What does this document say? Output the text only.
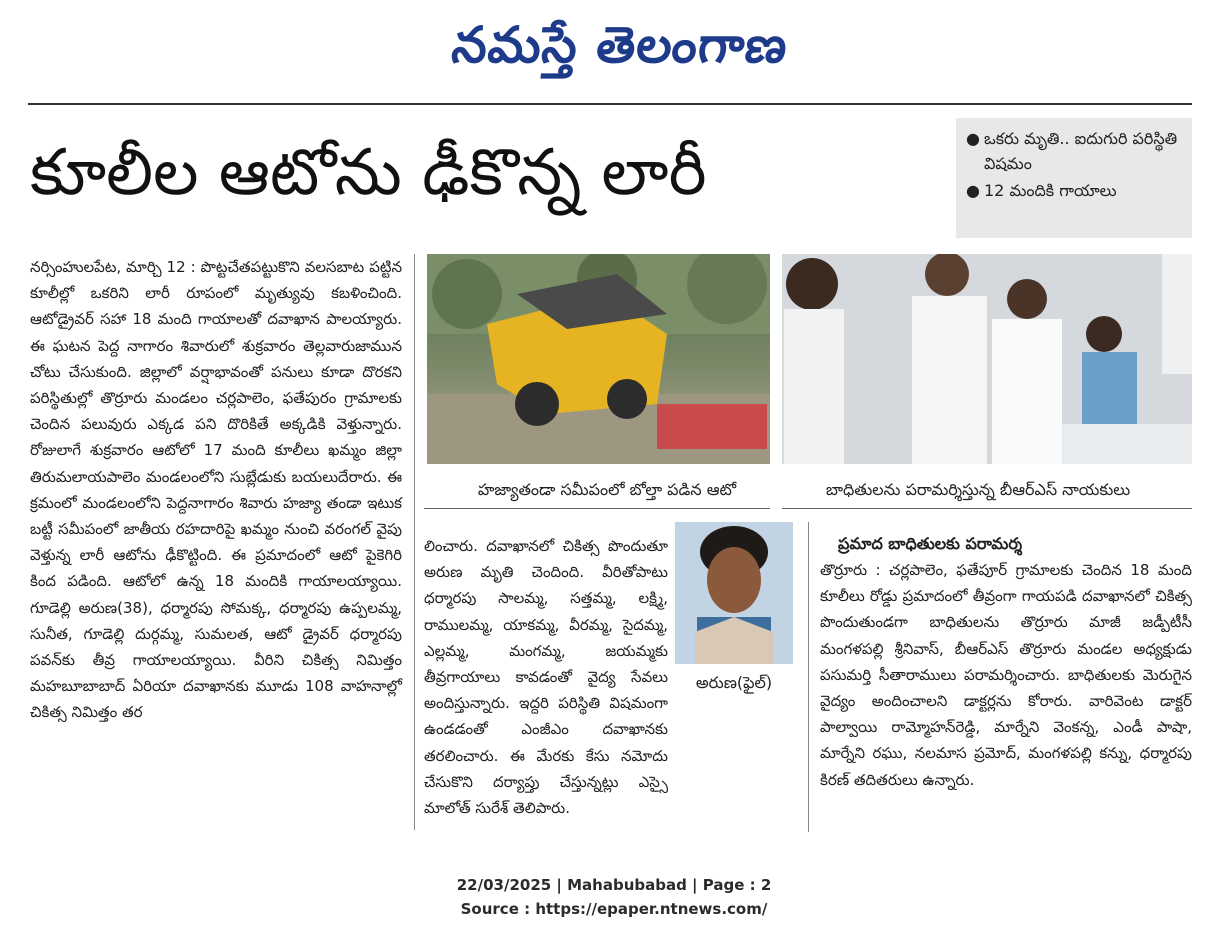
నమస్తే తెలంగాణ
కూలీల ఆటోను ఢీకొన్న లారీ	● ఒకరు మృతి.. ఐదుగురి పరిస్థితి విషమం
● 12 మందికి గాయాలు

నర్సింహులపేట, మార్చి 12 : పొట్టచేతపట్టుకొని వలసబాట పట్టిన కూలీల్లో ఒకరిని లారీ రూపంలో మృత్యువు కబళించింది. ఆటోడ్రైవర్ సహా 18 మంది గాయాలతో దవాఖాన పాలయ్యారు. ఈ ఘటన పెద్ద నాగారం శివారులో శుక్రవారం తెల్లవారుజామున చోటు చేసుకుంది. జిల్లాలో వర్షాభావంతో పనులు కూడా దొరకని పరిస్థితుల్లో తొర్రూరు మండలం చర్లపాలెం, ఫతేపురం గ్రామాలకు చెందిన పలువురు ఎక్కడ పని దొరికితే అక్కడికి వెళ్తున్నారు. రోజులాగే శుక్రవారం ఆటోలో 17 మంది కూలీలు ఖమ్మం జిల్లా తిరుమలాయపాలెం మండలంలోని సుబ్లేడుకు బయలుదేరారు. ఈ క్రమంలో మండలంలోని పెద్దనాగారం శివారు హజ్యా తండా ఇటుక బట్టీ సమీపంలో జాతీయ రహదారిపై ఖమ్మం నుంచి వరంగల్ వైపు వెళ్తున్న లారీ ఆటోను ఢీకొట్టింది. ఈ ప్రమాదంలో ఆటో పైకెగిరి కింద పడింది. ఆటోలో ఉన్న 18 మందికి గాయాలయ్యాయి. గూడెల్లి అరుణ(38), ధర్మారపు సోమక్క, ధర్మారపు ఉప్పలమ్మ, సునీత, గూడెల్లి దుర్గమ్మ, సుమలత, ఆటో డ్రైవర్ ధర్మారపు పవన్‌కు తీవ్ర గాయాలయ్యాయి. వీరిని చికిత్స నిమిత్తం మహబూబాబాద్ ఏరియా దవాఖానకు మూడు 108 వాహనాల్లో చికిత్స నిమిత్తం తర

హజ్యాతండా సమీపంలో బోల్తా పడిన ఆటో	బాధితులను పరామర్శిస్తున్న బీఆర్‌ఎస్ నాయకులు

లించారు. దవాఖానలో చికిత్స పొందుతూ అరుణ మృతి చెందింది. వీరితోపాటు ధర్మారపు సాలమ్మ, సత్తమ్మ, లక్ష్మి, రాములమ్మ, యాకమ్మ, వీరమ్మ, సైదమ్మ, ఎల్లమ్మ, మంగమ్మ, జయమ్మకు తీవ్రగాయాలు కావడంతో వైద్య సేవలు అందిస్తున్నారు. ఇద్దరి పరిస్థితి విషమంగా ఉండడంతో ఎంజీఎం దవాఖానకు తరలించారు. ఈ మేరకు కేసు నమోదు చేసుకొని దర్యాప్తు చేస్తున్నట్లు ఎస్సై మాలోత్ సురేశ్ తెలిపారు.

అరుణ(ఫైల్)
ప్రమాద బాధితులకు పరామర్శ

తొర్రూరు : చర్లపాలెం, ఫతేపూర్ గ్రామాలకు చెందిన 18 మంది కూలీలు రోడ్డు ప్రమాదంలో తీవ్రంగా గాయపడి దవాఖానలో చికిత్స పొందుతుండగా బాధితులను తొర్రూరు మాజీ జడ్పీటీసీ మంగళపల్లి శ్రీనివాస్, బీఆర్ఎస్ తొర్రూరు మండల అధ్యక్షుడు పసుమర్తి సీతారాములు పరామర్శించారు. బాధితులకు మెరుగైన వైద్యం అందించాలని డాక్టర్లను కోరారు. వారివెంట డాక్టర్ పాల్వాయి రామ్మోహన్‌రెడ్డి, మార్నేని వెంకన్న, ఎండీ పాషా, మార్నేని రఘు, నలమాస ప్రమోద్, మంగళపల్లి కన్ను, ధర్మారపు కిరణ్ తదితరులు ఉన్నారు.

22/03/2025 | Mahabubabad | Page : 2
Source : https://epaper.ntnews.com/
